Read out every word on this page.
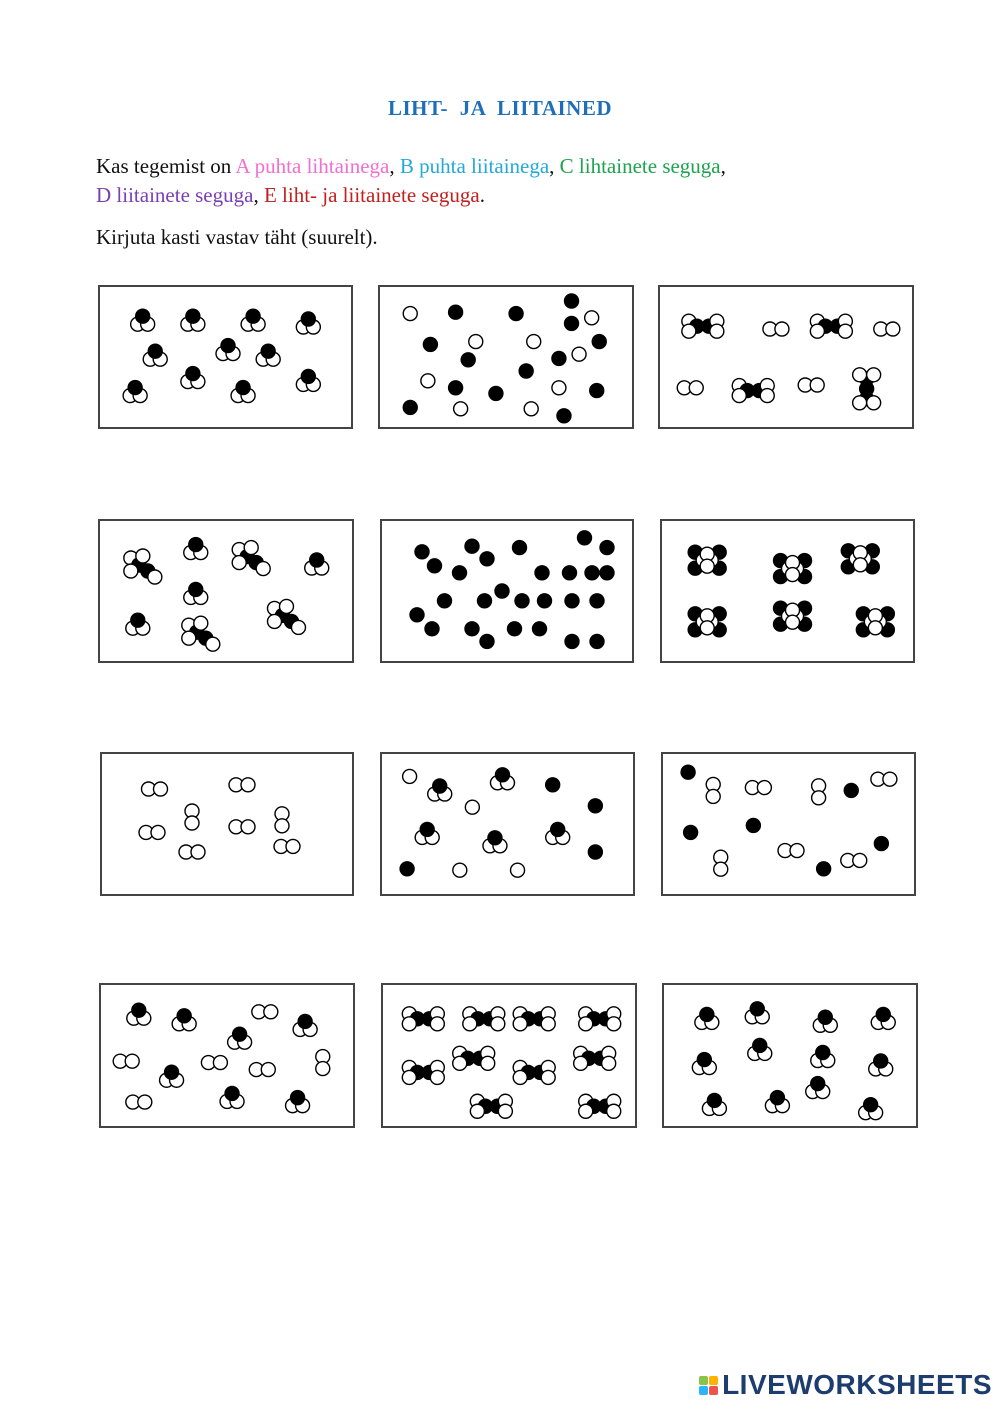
LIHT- JA LIITAINED
Kas tegemist on A puhta lihtainega, B puhta liitainega, C lihtainete seguga,
D liitainete seguga, E liht- ja liitainete seguga.
Kirjuta kasti vastav täht (suurelt).
LIVEWORKSHEETS
